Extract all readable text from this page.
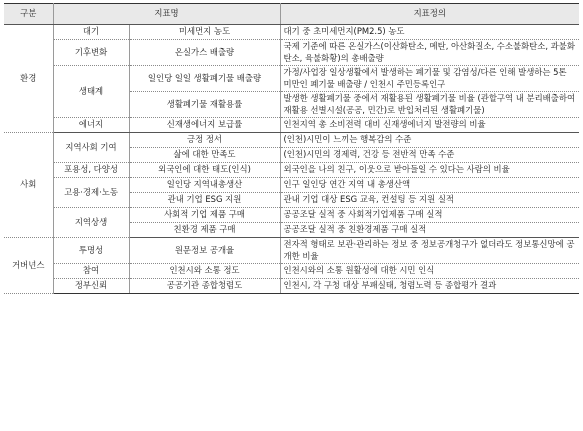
구분	지표명		지표정의
환경	대기	미세먼지 농도	대기 중 초미세먼지(PM2.5) 농도
	기후변화	온실가스 배출량	국제 기준에 따른 온실가스(이산화탄소, 메탄, 아산화질소, 수소불화탄소, 과불화탄소, 육불화황)의 총배출량
	생태계	일인당 일일 생활폐기물 배출량	가정/사업장 일상생활에서 발생하는 폐기물 및 감염성/다른 인해 발생하는 5톤 미만인 폐기물 배출량 / 인천시 주민등록인구
		생활폐기물 재활용률	발생한 생활폐기물 중에서 재활용된 생활폐기물 비율 (관할구역 내 분리배출하여 재활용 선별시설(공공, 민간)로 반입처리된 생활폐기물)
	에너지	신재생에너지 보급률	인천지역 총 소비전력 대비 신재생에너지 발전량의 비율
사회	지역사회 기여	긍정 정서	(인천)시민이 느끼는 행복감의 수준
		삶에 대한 만족도	(인천)시민의 경제력, 건강 등 전반적 만족 수준
	포용성, 다양성	외국인에 대한 태도(인식)	외국인을 나의 친구, 이웃으로 받아들일 수 있다는 사람의 비율
	고용·경제·노동	일인당 지역내총생산	인구 일인당 연간 지역 내 총생산액
		관내 기업 ESG 지원	관내 기업 대상 ESG 교육, 컨설팅 등 지원 실적
	지역상생	사회적 기업 제품 구매	공공조달 실적 중 사회적기업제품 구매 실적
		친환경 제품 구매	공공조달 실적 중 친환경제품 구매 실적
거버넌스	투명성	원문정보 공개율	전자적 형태로 보관·관리하는 정보 중 정보공개청구가 없더라도 정보통신망에 공개한 비율
	참여	인천시와 소통 정도	인천시와의 소통 원활성에 대한 시민 인식
	정부신뢰	공공기관 종합청렴도	인천시, 각 구청 대상 부패실태, 청렴노력 등 종합평가 결과
